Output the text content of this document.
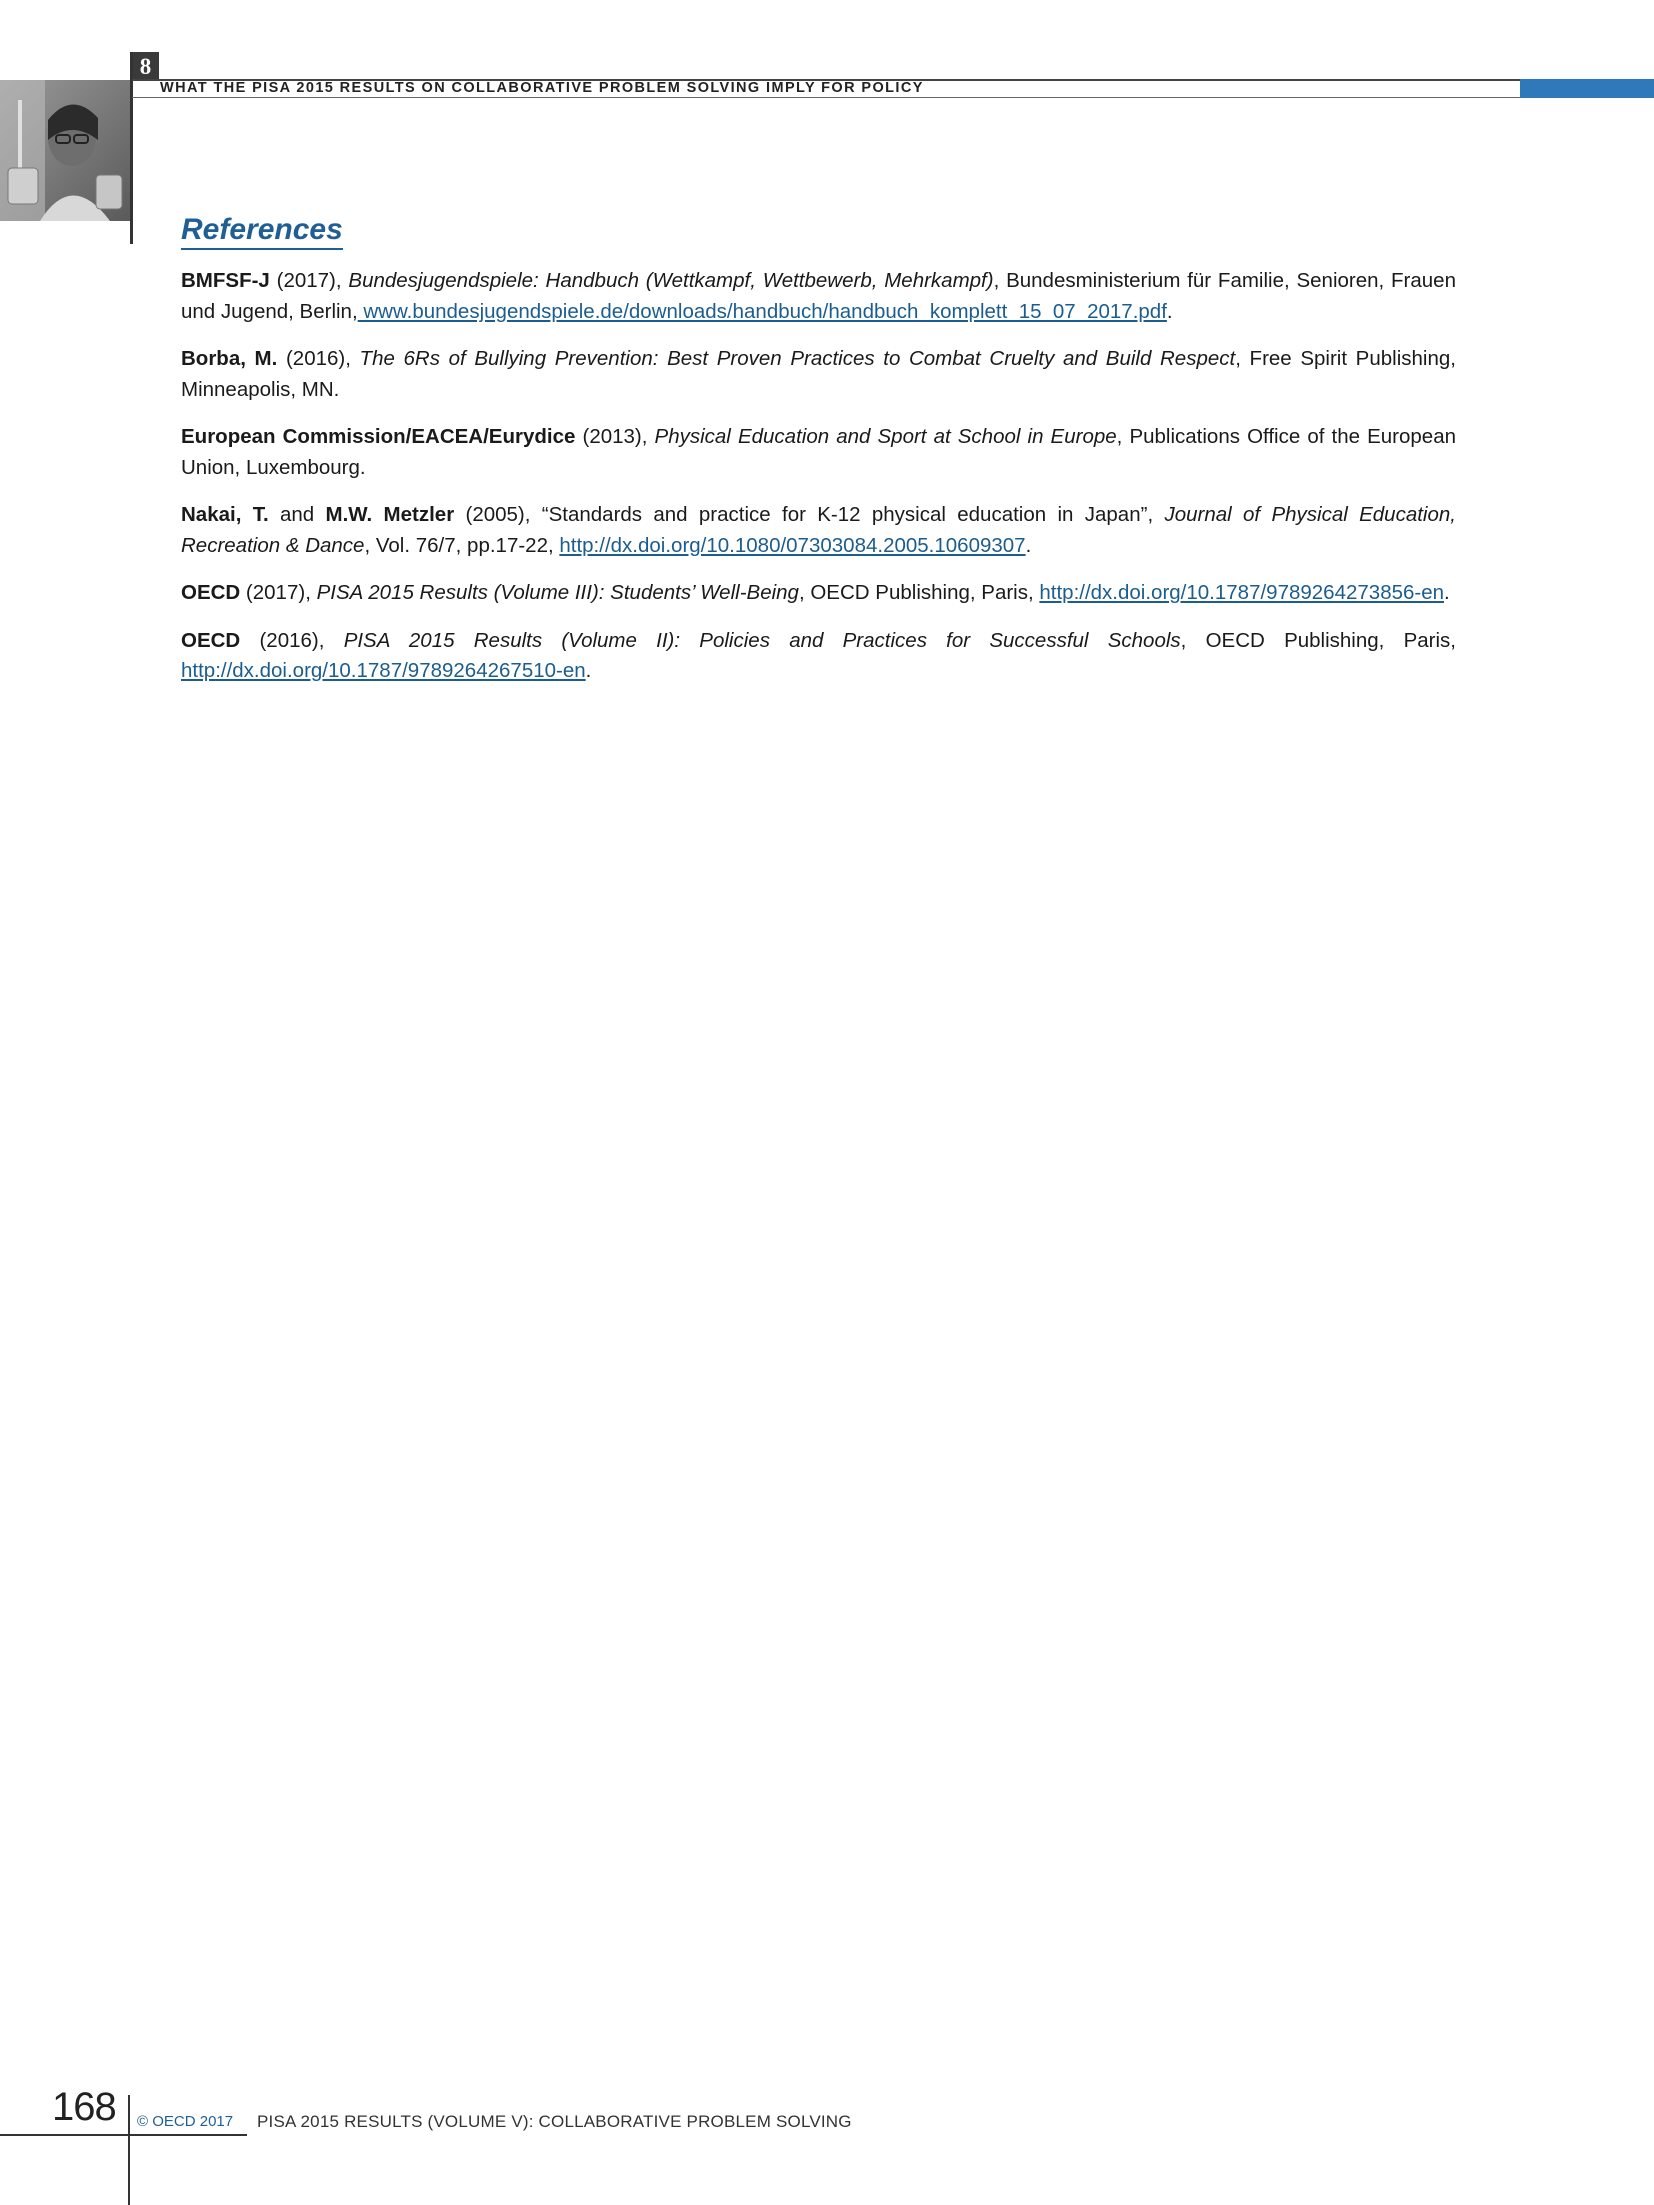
8
WHAT THE PISA 2015 RESULTS ON COLLABORATIVE PROBLEM SOLVING IMPLY FOR POLICY
References

BMFSF-J (2017), Bundesjugendspiele: Handbuch (Wettkampf, Wettbewerb, Mehrkampf), Bundesministerium für Familie, Senioren, Frauen und Jugend, Berlin, www.bundesjugendspiele.de/downloads/handbuch/handbuch_komplett_15_07_2017.pdf.

Borba, M. (2016), The 6Rs of Bullying Prevention: Best Proven Practices to Combat Cruelty and Build Respect, Free Spirit Publishing, Minneapolis, MN.

European Commission/EACEA/Eurydice (2013), Physical Education and Sport at School in Europe, Publications Office of the European Union, Luxembourg.

Nakai, T. and M.W. Metzler (2005), “Standards and practice for K-12 physical education in Japan”, Journal of Physical Education, Recreation & Dance, Vol. 76/7, pp.17-22, http://dx.doi.org/10.1080/07303084.2005.10609307.

OECD (2017), PISA 2015 Results (Volume III): Students’ Well-Being, OECD Publishing, Paris, http://dx.doi.org/10.1787/9789264273856-en.

OECD (2016), PISA 2015 Results (Volume II): Policies and Practices for Successful Schools, OECD Publishing, Paris, http://dx.doi.org/10.1787/9789264267510-en.

168 © OECD 2017 PISA 2015 RESULTS (VOLUME V): COLLABORATIVE PROBLEM SOLVING
